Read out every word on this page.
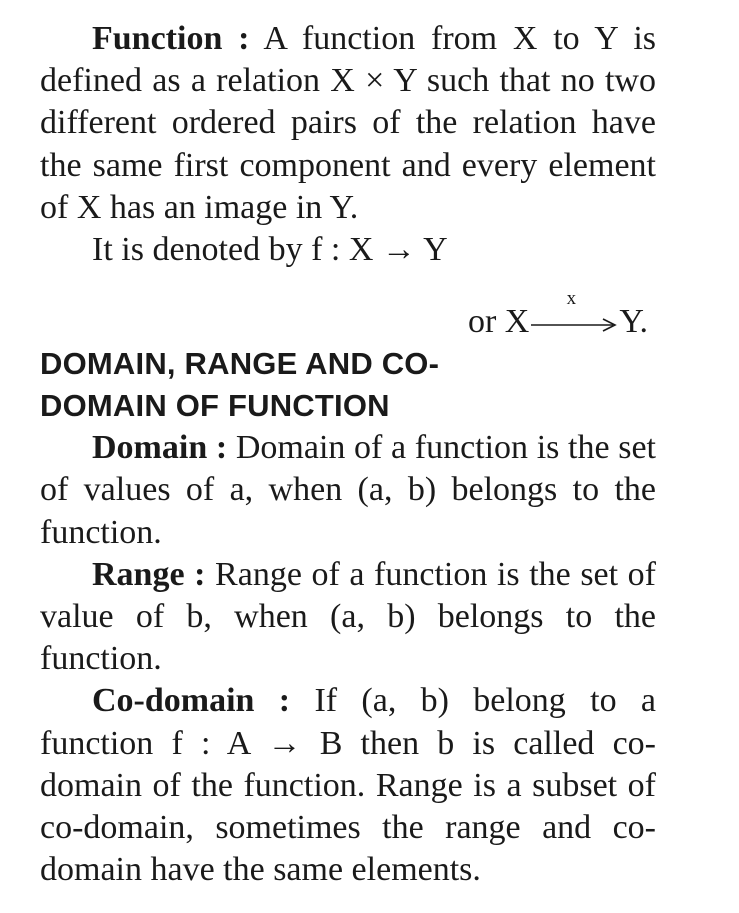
Function : A function from X to Y is defined as a relation X × Y such that no two different ordered pairs of the relation have the same first component and every element of X has an image in Y.

It is denoted by f : X → Y

or X
x
Y.
DOMAIN, RANGE AND CO-
DOMAIN OF FUNCTION

Domain : Domain of a function is the set of values of a, when (a, b) belongs to the function.

Range : Range of a function is the set of value of b, when (a, b) belongs to the function.

Co-domain : If (a, b) belong to a function f : A → B then b is called co-domain of the function. Range is a subset of co-domain, sometimes the range and co-domain have the same elements.
